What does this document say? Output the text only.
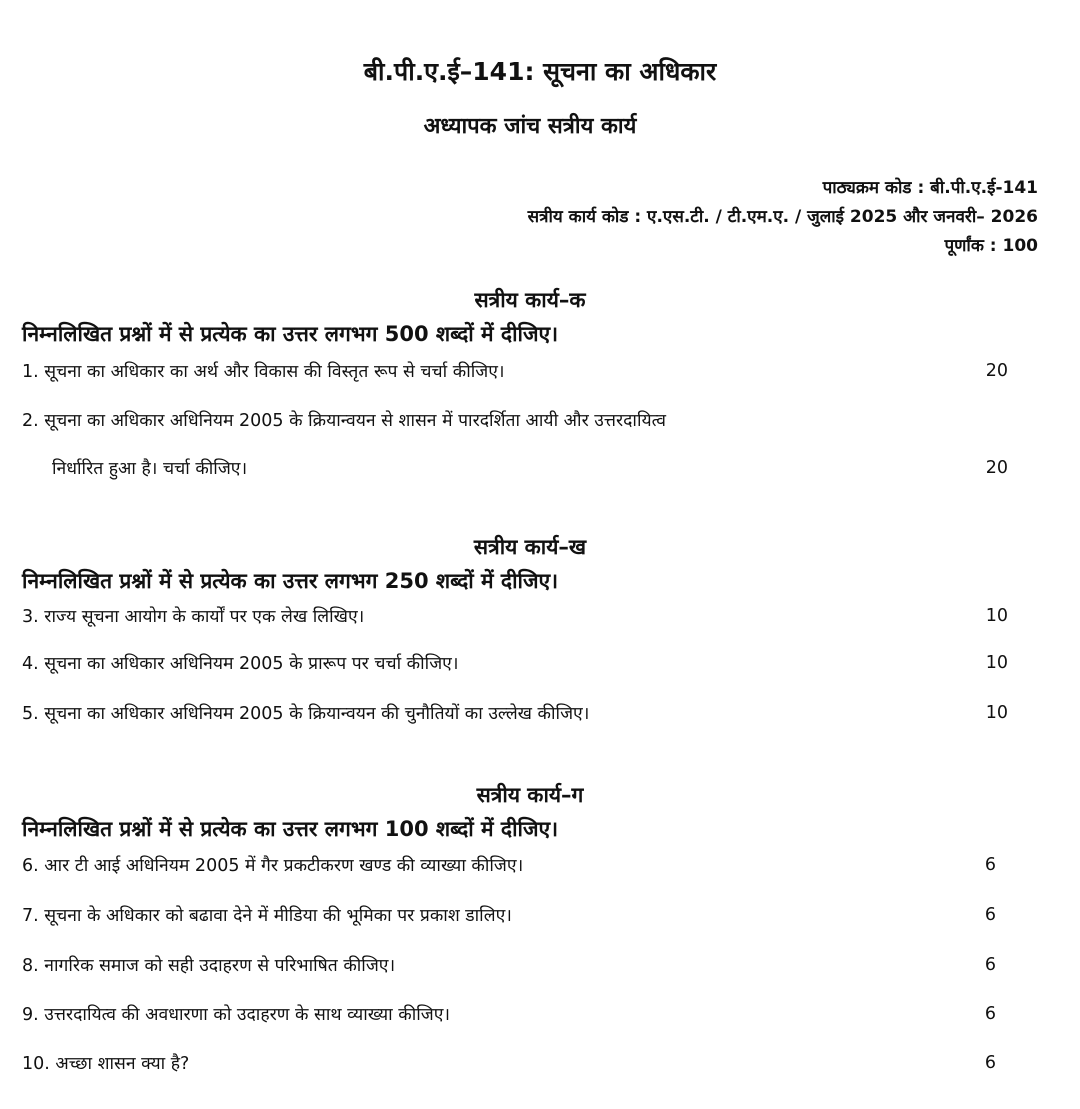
बी.पी.ए.ई–141: सूचना का अधिकार
अध्यापक जांच सत्रीय कार्य
पाठ्यक्रम कोड : बी.पी.ए.ई-141
सत्रीय कार्य कोड : ए.एस.टी. / टी.एम.ए. / जुलाई 2025 और जनवरी– 2026
पूर्णांक : 100
सत्रीय कार्य–क
निम्नलिखित प्रश्नों में से प्रत्येक का उत्तर लगभग 500 शब्दों में दीजिए।
1. सूचना का अधिकार का अर्थ और विकास की विस्तृत रूप से चर्चा कीजिए।	20
2. सूचना का अधिकार अधिनियम 2005 के क्रियान्वयन से शासन में पारदर्शिता आयी और उत्तरदायित्व
निर्धारित हुआ है। चर्चा कीजिए।	20
सत्रीय कार्य–ख
निम्नलिखित प्रश्नों में से प्रत्येक का उत्तर लगभग 250 शब्दों में दीजिए।
3. राज्य सूचना आयोग के कार्यों पर एक लेख लिखिए।	10
4. सूचना का अधिकार अधिनियम 2005 के प्रारूप पर चर्चा कीजिए।	10
5. सूचना का अधिकार अधिनियम 2005 के क्रियान्वयन की चुनौतियों का उल्लेख कीजिए।	10
सत्रीय कार्य–ग
निम्नलिखित प्रश्नों में से प्रत्येक का उत्तर लगभग 100 शब्दों में दीजिए।
6. आर टी आई अधिनियम 2005 में गैर प्रकटीकरण खण्ड की व्याख्या कीजिए।	6
7. सूचना के अधिकार को बढावा देने में मीडिया की भूमिका पर प्रकाश डालिए।	6
8. नागरिक समाज को सही उदाहरण से परिभाषित कीजिए।	6
9. उत्तरदायित्व की अवधारणा को उदाहरण के साथ व्याख्या कीजिए।	6
10. अच्छा शासन क्या है?	6
